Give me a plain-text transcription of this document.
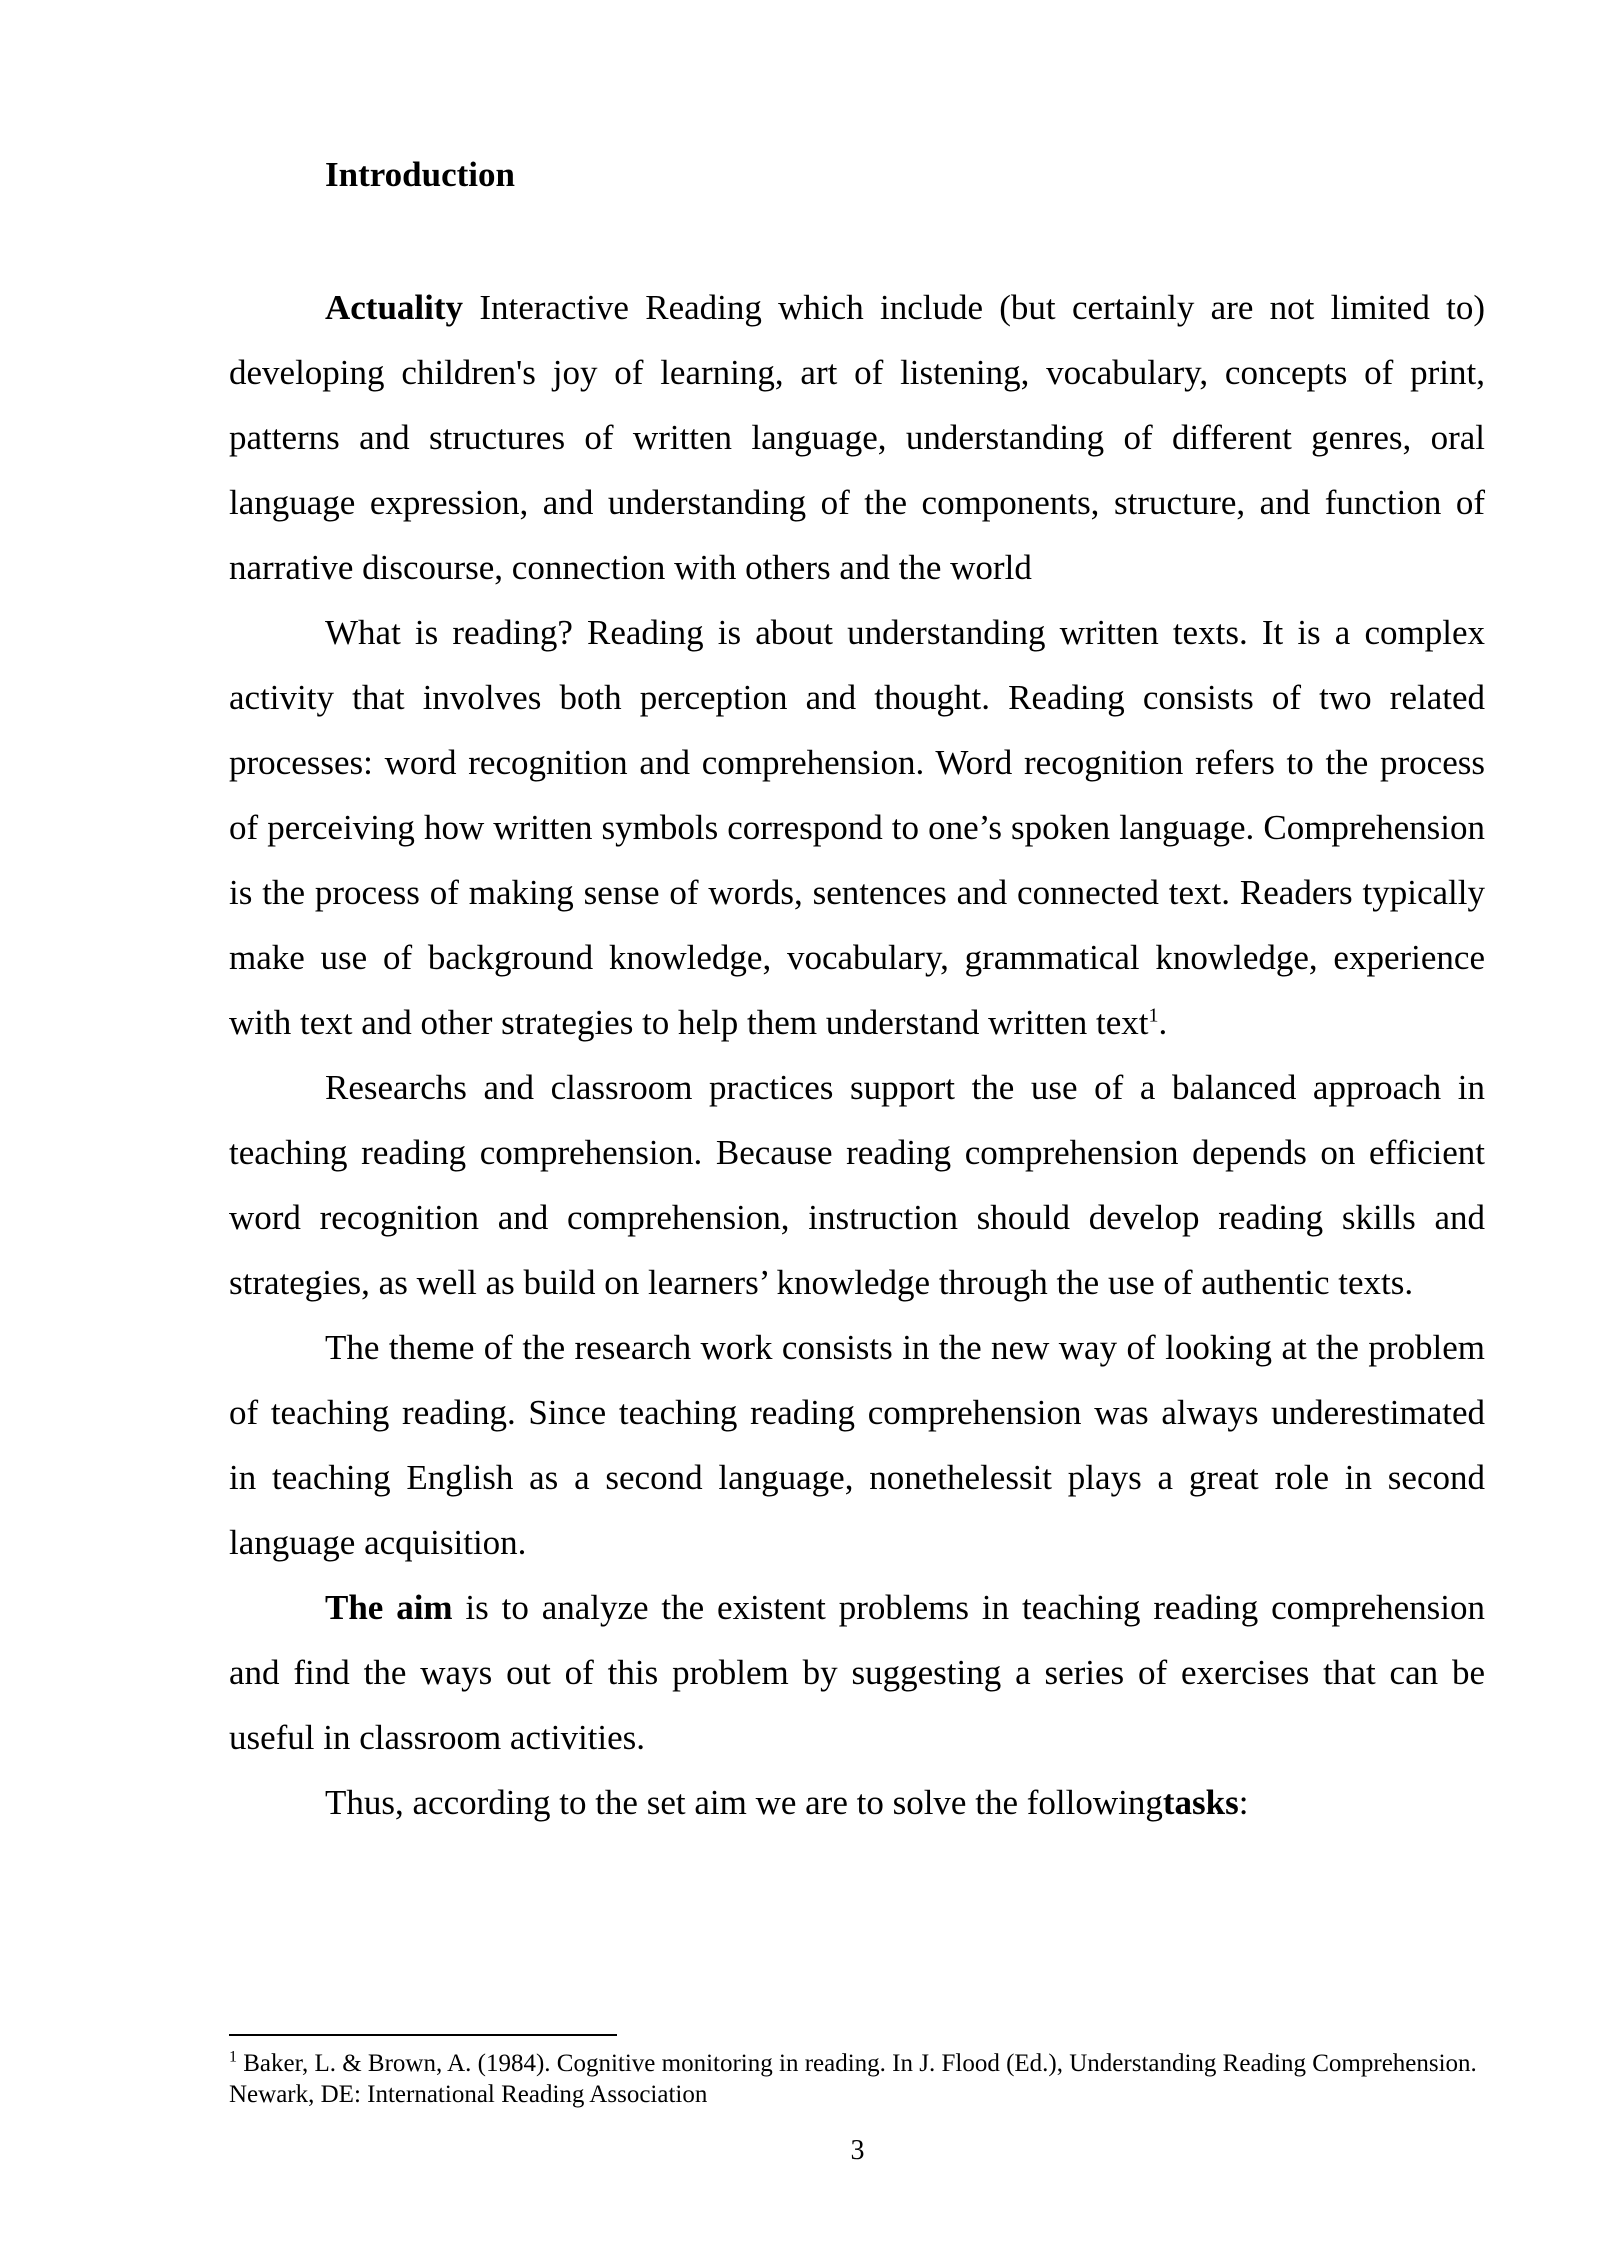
Introduction

Actuality Interactive Reading which include (but certainly are not limited to) developing children's joy of learning, art of listening, vocabulary, concepts of print, patterns and structures of written language, understanding of different genres, oral language expression, and understanding of the components, structure, and function of narrative discourse, connection with others and the world

What is reading? Reading is about understanding written texts. It is a complex activity that involves both perception and thought. Reading consists of two related processes: word recognition and comprehension. Word recognition refers to the process of perceiving how written symbols correspond to one’s spoken language. Comprehension is the process of making sense of words, sentences and connected text. Readers typically make use of background knowledge, vocabulary, grammatical knowledge, experience with text and other strategies to help them understand written text$^1$.

Researchs and classroom practices support the use of a balanced approach in teaching reading comprehension. Because reading comprehension depends on efficient word recognition and comprehension, instruction should develop reading skills and strategies, as well as build on learners’ knowledge through the use of authentic texts.

The theme of the research work consists in the new way of looking at the problem of teaching reading. Since teaching reading comprehension was always underestimated in teaching English as a second language, nonethelessit plays a great role in second language acquisition.

The aim is to analyze the existent problems in teaching reading comprehension and find the ways out of this problem by suggesting a series of exercises that can be useful in classroom activities.

Thus, according to the set aim we are to solve the followingtasks:

$^1$ Baker, L. & Brown, A. (1984). Cognitive monitoring in reading. In J. Flood (Ed.), Understanding Reading Comprehension. Newark, DE: International Reading Association
3
